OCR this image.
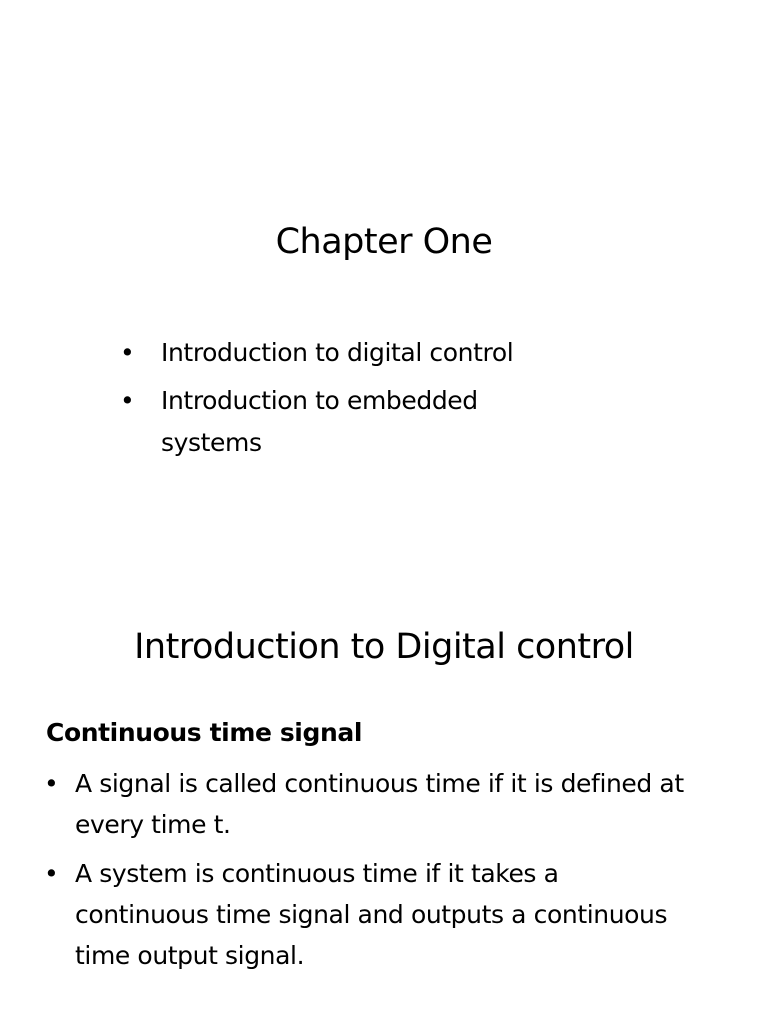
Chapter One
• Introduction to digital control
• Introduction to embedded systems
Introduction to Digital control
Continuous time signal
• A signal is called continuous time if it is defined at every time t.
• A system is continuous time if it takes a continuous time signal and outputs a continuous time output signal.
